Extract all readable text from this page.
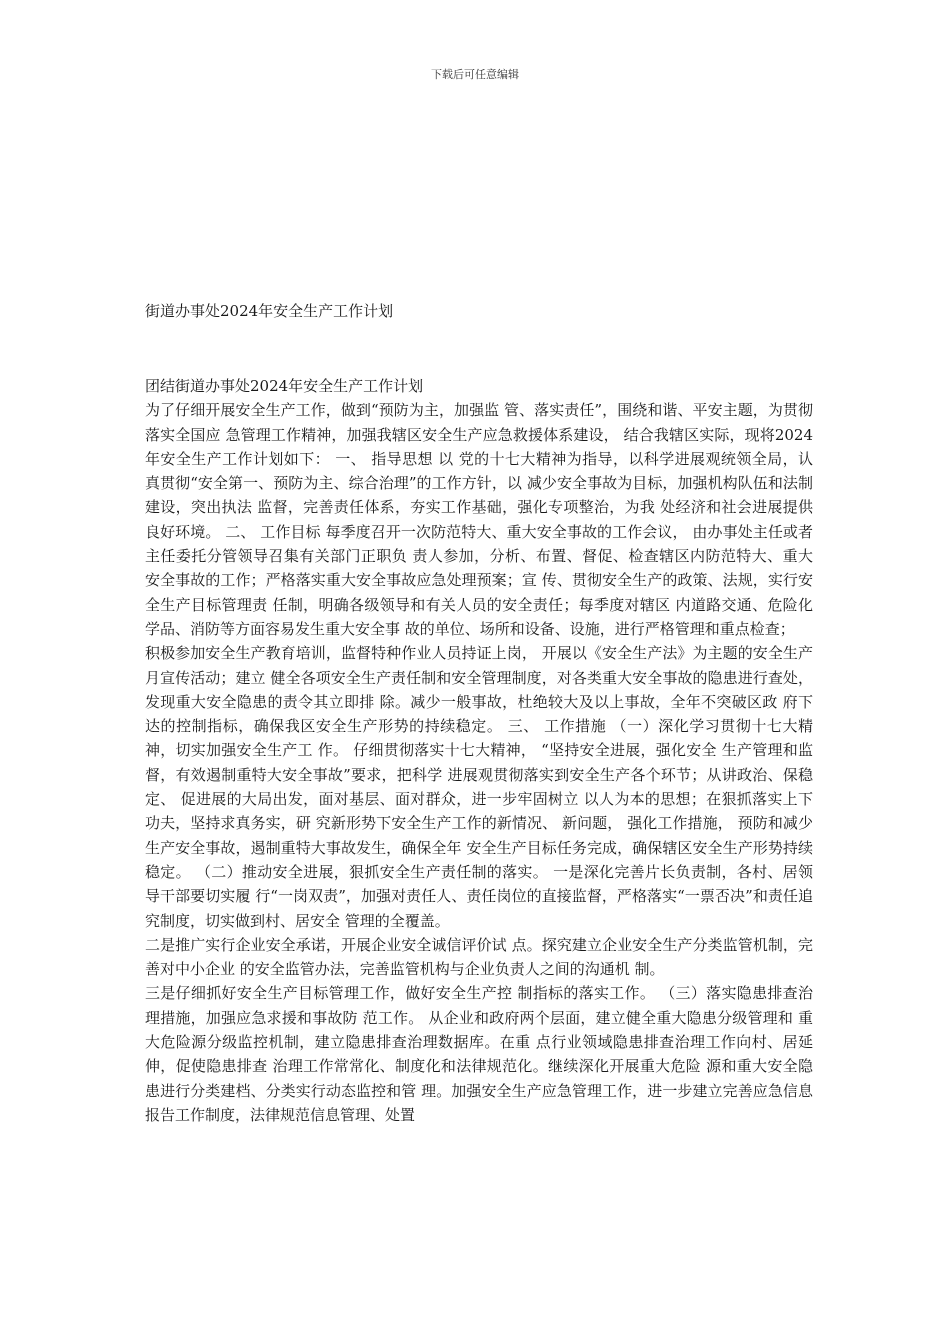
下载后可任意编辑
街道办事处2024年安全生产工作计划

团结街道办事处2024年安全生产工作计划

为了仔细开展安全生产工作，做到“预防为主，加强监 管、落实责任”，围绕和谐、平安主题，为贯彻落实全国应 急管理工作精神，加强我辖区安全生产应急救援体系建设， 结合我辖区实际，现将2024年安全生产工作计划如下： 一、 指导思想 以 党的十七大精神为指导，以科学进展观统领全局，认 真贯彻“安全第一、预防为主、综合治理”的工作方针，以 减少安全事故为目标，加强机构队伍和法制建设，突出执法 监督，完善责任体系，夯实工作基础，强化专项整治，为我 处经济和社会进展提供良好环境。 二、 工作目标 每季度召开一次防范特大、重大安全事故的工作会议， 由办事处主任或者主任委托分管领导召集有关部门正职负 责人参加，分析、布置、督促、检查辖区内防范特大、重大 安全事故的工作；严格落实重大安全事故应急处理预案；宣 传、贯彻安全生产的政策、法规，实行安全生产目标管理责 任制，明确各级领导和有关人员的安全责任；每季度对辖区 内道路交通、危险化学品、消防等方面容易发生重大安全事 故的单位、场所和设备、设施，进行严格管理和重点检查；

积极参加安全生产教育培训，监督特种作业人员持证上岗， 开展以《安全生产法》为主题的安全生产月宣传活动；建立 健全各项安全生产责任制和安全管理制度，对各类重大安全事故的隐患进行查处，发现重大安全隐患的责令其立即排 除。减少一般事故，杜绝较大及以上事故，全年不突破区政 府下达的控制指标，确保我区安全生产形势的持续稳定。 三、 工作措施 （一）深化学习贯彻十七大精神，切实加强安全生产工 作。 仔细贯彻落实十七大精神， “坚持安全进展，强化安全 生产管理和监督，有效遏制重特大安全事故”要求，把科学 进展观贯彻落实到安全生产各个环节；从讲政治、保稳定、 促进展的大局出发，面对基层、面对群众，进一步牢固树立 以人为本的思想；在狠抓落实上下功夫，坚持求真务实，研 究新形势下安全生产工作的新情况、 新问题， 强化工作措施， 预防和减少生产安全事故，遏制重特大事故发生，确保全年 安全生产目标任务完成，确保辖区安全生产形势持续稳定。 （二）推动安全进展，狠抓安全生产责任制的落实。 一是深化完善片长负责制，各村、居领导干部要切实履 行“一岗双责”，加强对责任人、责任岗位的直接监督，严格落实“一票否决”和责任追究制度，切实做到村、居安全 管理的全覆盖。

二是推广实行企业安全承诺，开展企业安全诚信评价试 点。探究建立企业安全生产分类监管机制，完善对中小企业 的安全监管办法，完善监管机构与企业负责人之间的沟通机 制。

三是仔细抓好安全生产目标管理工作，做好安全生产控 制指标的落实工作。 （三）落实隐患排查治理措施，加强应急求援和事故防 范工作。 从企业和政府两个层面，建立健全重大隐患分级管理和 重大危险源分级监控机制，建立隐患排查治理数据库。在重 点行业领域隐患排查治理工作向村、居延伸，促使隐患排查 治理工作常常化、制度化和法律规范化。继续深化开展重大危险 源和重大安全隐患进行分类建档、分类实行动态监控和管 理。加强安全生产应急管理工作，进一步建立完善应急信息 报告工作制度，法律规范信息管理、处置
